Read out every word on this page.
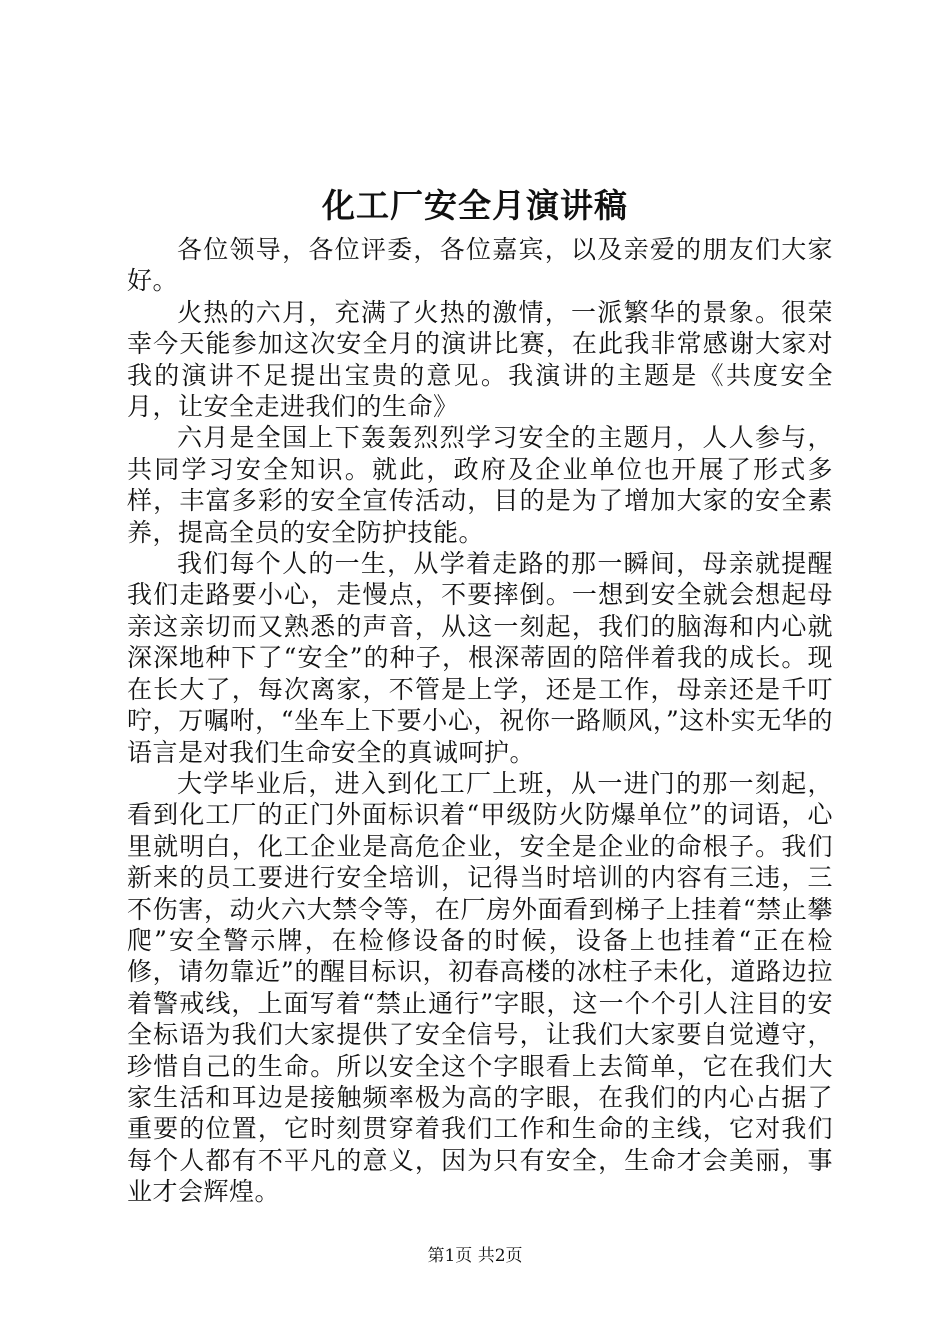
化工厂安全月演讲稿

各位领导，各位评委，各位嘉宾，以及亲爱的朋友们大家好。

火热的六月，充满了火热的激情，一派繁华的景象。很荣幸今天能参加这次安全月的演讲比赛，在此我非常感谢大家对我的演讲不足提出宝贵的意见。我演讲的主题是《共度安全月，让安全走进我们的生命》

六月是全国上下轰轰烈烈学习安全的主题月，人人参与，共同学习安全知识。就此，政府及企业单位也开展了形式多样，丰富多彩的安全宣传活动，目的是为了增加大家的安全素养，提高全员的安全防护技能。

我们每个人的一生，从学着走路的那一瞬间，母亲就提醒我们走路要小心，走慢点，不要摔倒。一想到安全就会想起母亲这亲切而又熟悉的声音，从这一刻起，我们的脑海和内心就深深地种下了“安全”的种子，根深蒂固的陪伴着我的成长。现在长大了，每次离家，不管是上学，还是工作，母亲还是千叮咛，万嘱咐，“坐车上下要小心，祝你一路顺风，”这朴实无华的语言是对我们生命安全的真诚呵护。

大学毕业后，进入到化工厂上班，从一进门的那一刻起，看到化工厂的正门外面标识着“甲级防火防爆单位”的词语，心里就明白，化工企业是高危企业，安全是企业的命根子。我们新来的员工要进行安全培训，记得当时培训的内容有三违，三不伤害，动火六大禁令等，在厂房外面看到梯子上挂着“禁止攀爬”安全警示牌，在检修设备的时候，设备上也挂着“正在检修，请勿靠近”的醒目标识，初春高楼的冰柱子未化，道路边拉着警戒线，上面写着“禁止通行”字眼，这一个个引人注目的安全标语为我们大家提供了安全信号，让我们大家要自觉遵守，珍惜自己的生命。所以安全这个字眼看上去简单，它在我们大家生活和耳边是接触频率极为高的字眼，在我们的内心占据了重要的位置，它时刻贯穿着我们工作和生命的主线，它对我们每个人都有不平凡的意义，因为只有安全，生命才会美丽，事业才会辉煌。

第1页 共2页
